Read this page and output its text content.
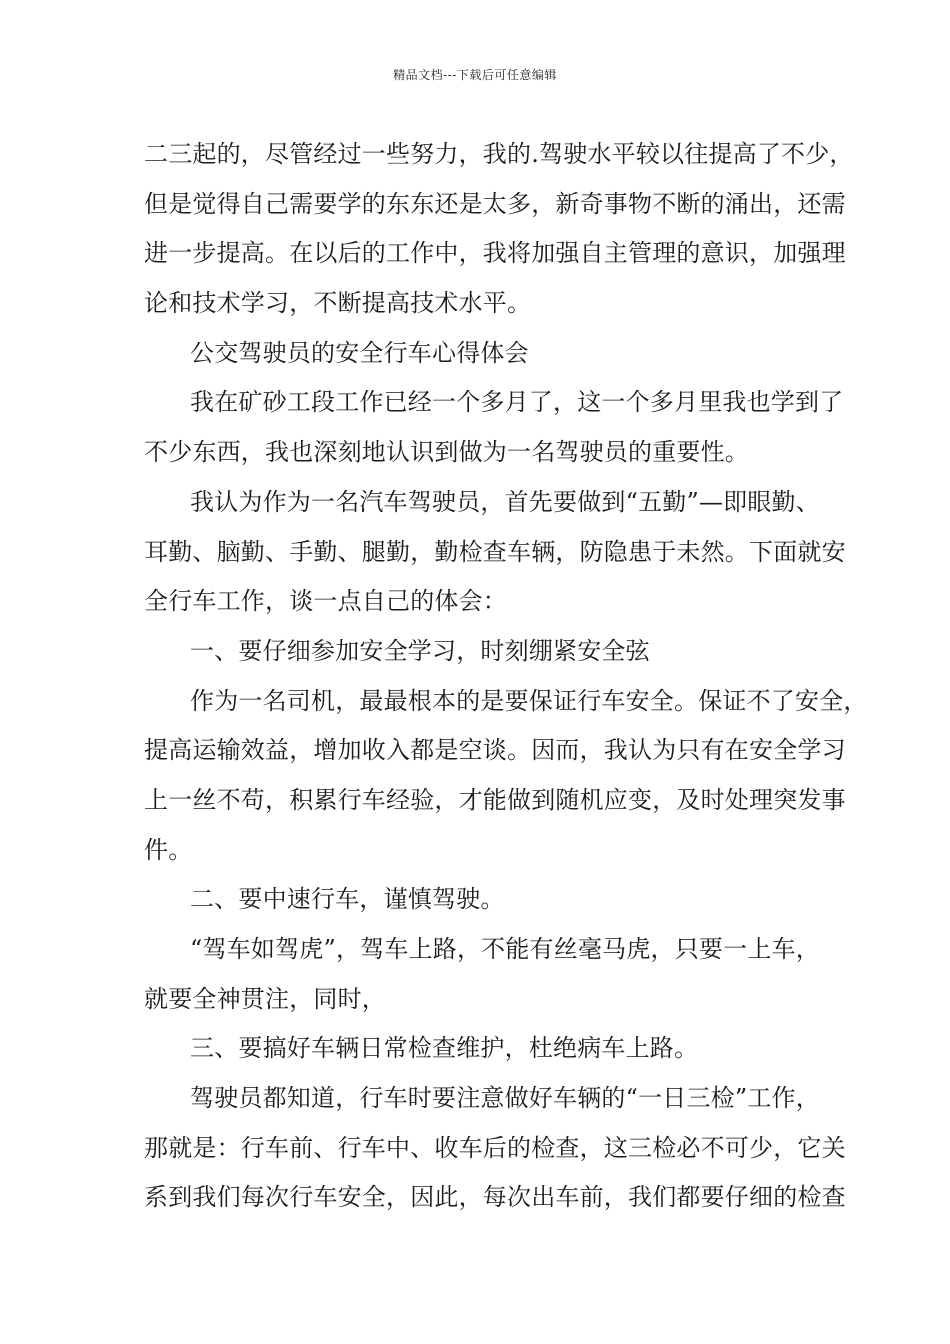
精品文档---下载后可任意编辑
二三起的，尽管经过一些努力，我的.驾驶水平较以往提高了不少，
但是觉得自己需要学的东东还是太多，新奇事物不断的涌出，还需
进一步提高。在以后的工作中，我将加强自主管理的意识，加强理
论和技术学习，不断提高技术水平。
公交驾驶员的安全行车心得体会
我在矿砂工段工作已经一个多月了，这一个多月里我也学到了
不少东西，我也深刻地认识到做为一名驾驶员的重要性。
我认为作为一名汽车驾驶员，首先要做到“五勤”—即眼勤、
耳勤、脑勤、手勤、腿勤，勤检查车辆，防隐患于未然。下面就安
全行车工作，谈一点自己的体会：
一、要仔细参加安全学习，时刻绷紧安全弦
作为一名司机，最最根本的是要保证行车安全。保证不了安全，
提高运输效益，增加收入都是空谈。因而，我认为只有在安全学习
上一丝不苟，积累行车经验，才能做到随机应变，及时处理突发事
件。
二、要中速行车，谨慎驾驶。
“驾车如驾虎”，驾车上路，不能有丝毫马虎，只要一上车，
就要全神贯注，同时，
三、要搞好车辆日常检查维护，杜绝病车上路。
驾驶员都知道，行车时要注意做好车辆的“一日三检”工作，
那就是：行车前、行车中、收车后的检查，这三检必不可少，它关
系到我们每次行车安全，因此，每次出车前，我们都要仔细的检查
